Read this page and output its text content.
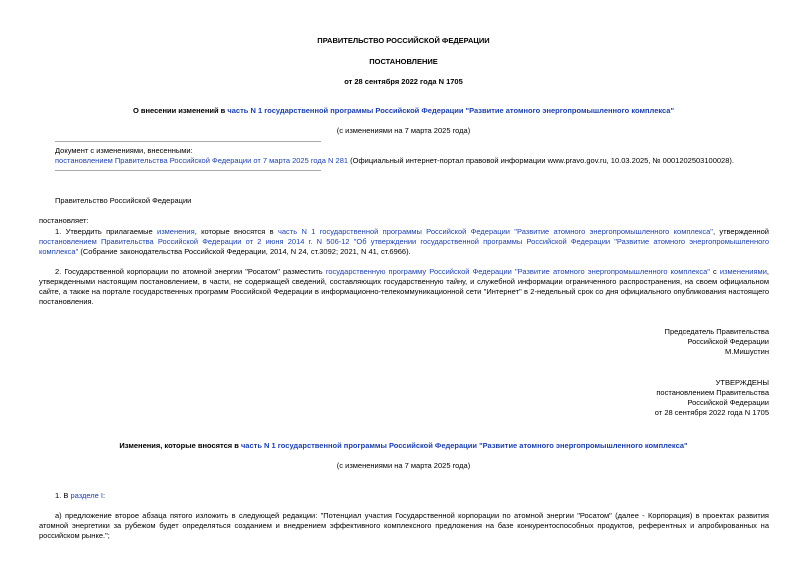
ПРАВИТЕЛЬСТВО РОССИЙСКОЙ ФЕДЕРАЦИИ
ПОСТАНОВЛЕНИЕ
от 28 сентября 2022 года N 1705
О внесении изменений в часть N 1 государственной программы Российской Федерации "Развитие атомного энергопромышленного комплекса"
(с изменениями на 7 марта 2025 года)
Документ с изменениями, внесенными:
постановлением Правительства Российской Федерации от 7 марта 2025 года N 281 (Официальный интернет-портал правовой информации www.pravo.gov.ru, 10.03.2025, № 0001202503100028).
Правительство Российской Федерации
постановляет:

1. Утвердить прилагаемые изменения, которые вносятся в часть N 1 государственной программы Российской Федерации "Развитие атомного энергопромышленного комплекса", утвержденной постановлением Правительства Российской Федерации от 2 июня 2014 г. N 506-12 "Об утверждении государственной программы Российской Федерации "Развитие атомного энергопромышленного комплекса" (Собрание законодательства Российской Федерации, 2014, N 24, ст.3092; 2021, N 41, ст.6966).

2. Государственной корпорации по атомной энергии "Росатом" разместить государственную программу Российской Федерации "Развитие атомного энергопромышленного комплекса" с изменениями, утвержденными настоящим постановлением, в части, не содержащей сведений, составляющих государственную тайну, и служебной информации ограниченного распространения, на своем официальном сайте, а также на портале государственных программ Российской Федерации в информационно-телекоммуникационной сети "Интернет" в 2-недельный срок со дня официального опубликования настоящего постановления.

Председатель Правительства
Российской Федерации
М.Мишустин
УТВЕРЖДЕНЫ
постановлением Правительства
Российской Федерации
от 28 сентября 2022 года N 1705
Изменения, которые вносятся в часть N 1 государственной программы Российской Федерации "Развитие атомного энергопромышленного комплекса"
(с изменениями на 7 марта 2025 года)
1. В разделе I:

а) предложение второе абзаца пятого изложить в следующей редакции: "Потенциал участия Государственной корпорации по атомной энергии "Росатом" (далее - Корпорация) в проектах развития атомной энергетики за рубежом будет определяться созданием и внедрением эффективного комплексного предложения на базе конкурентоспособных продуктов, референтных и апробированных на российском рынке.";
